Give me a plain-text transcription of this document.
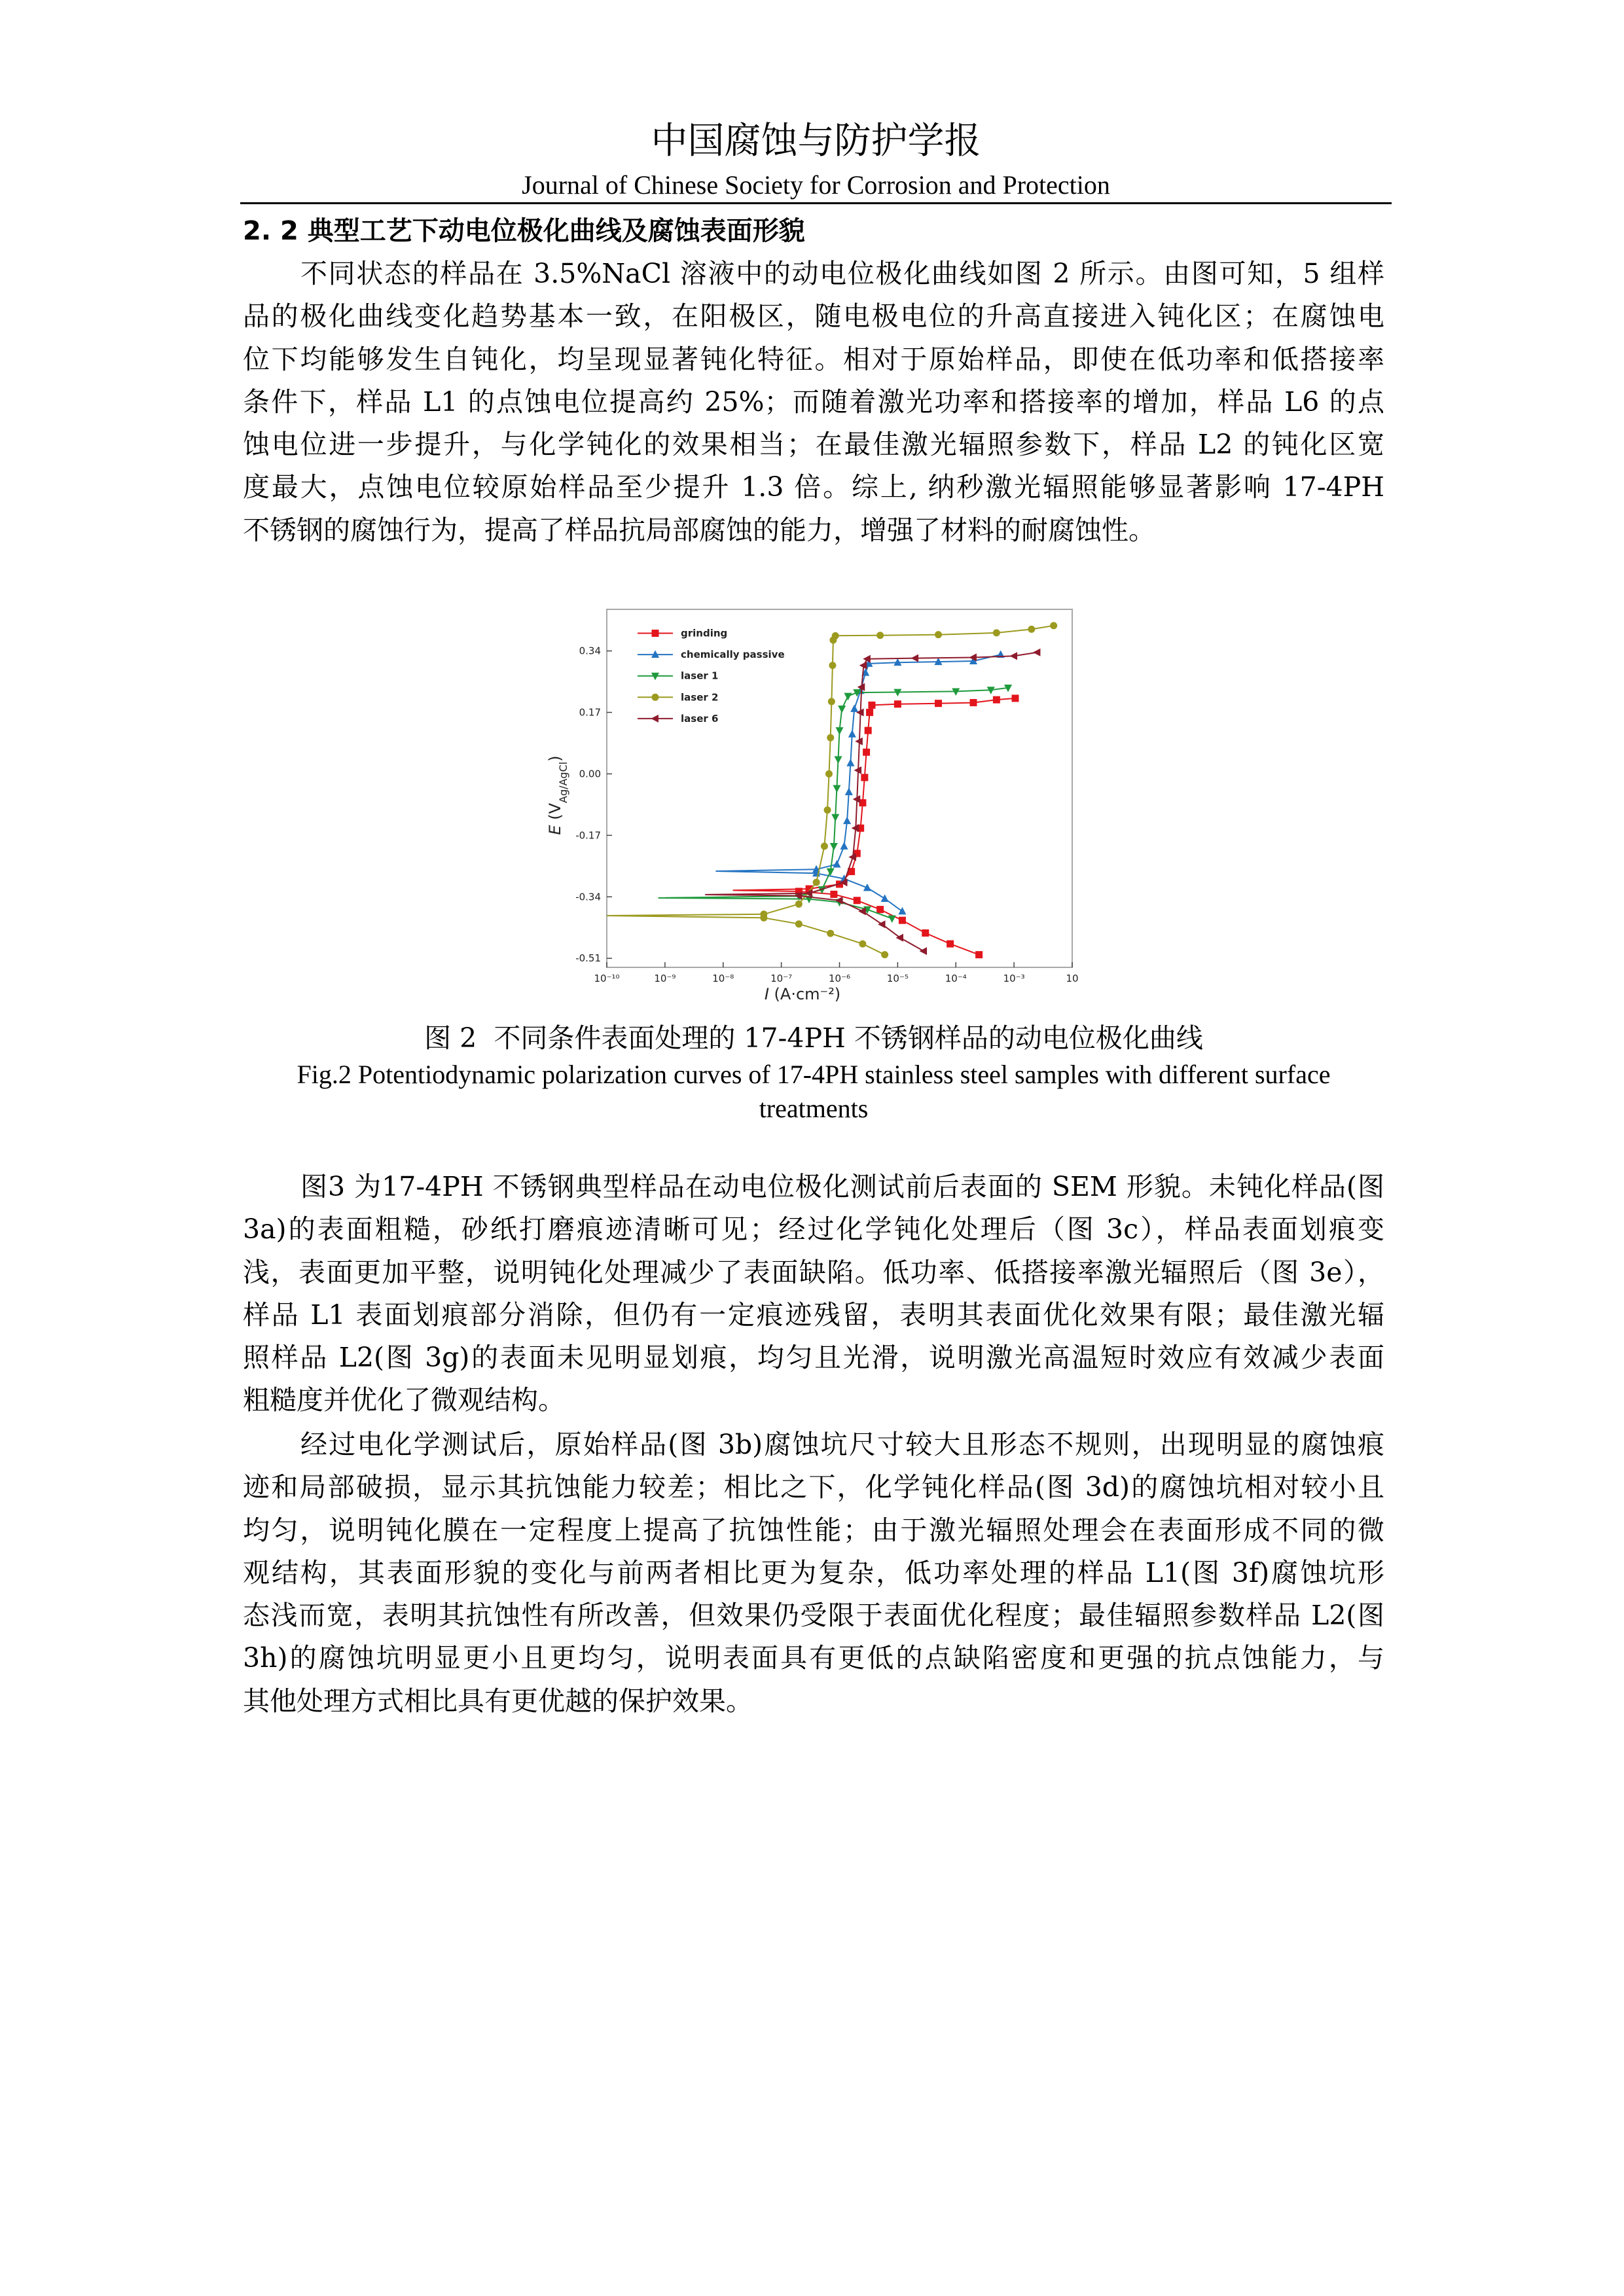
中国腐蚀与防护学报
Journal of Chinese Society for Corrosion and Protection
2. 2 典型工艺下动电位极化曲线及腐蚀表面形貌
不同状态的样品在 3.5%NaCl 溶液中的动电位极化曲线如图 2 所示。由图可知，5 组样
品的极化曲线变化趋势基本一致，在阳极区，随电极电位的升高直接进入钝化区；在腐蚀电
位下均能够发生自钝化，均呈现显著钝化特征。相对于原始样品，即使在低功率和低搭接率
条件下，样品 L1 的点蚀电位提高约 25%；而随着激光功率和搭接率的增加，样品 L6 的点
蚀电位进一步提升，与化学钝化的效果相当；在最佳激光辐照参数下，样品 L2 的钝化区宽
度最大，点蚀电位较原始样品至少提升 1.3 倍。综上, 纳秒激光辐照能够显著影响 17-4PH
不锈钢的腐蚀行为，提高了样品抗局部腐蚀的能力，增强了材料的耐腐蚀性。
0.34
0.17
0.00
-0.17
-0.34
-0.51
10⁻¹⁰	10⁻⁹	10⁻⁸	10⁻⁷	10⁻⁶	10⁻⁵	10⁻⁴	10⁻³	10
grinding
chemically passive
laser 1
laser 2
laser 6
E $(V_{Ag/AgCl})$
I (A·cm⁻²)
图 2  不同条件表面处理的 17-4PH 不锈钢样品的动电位极化曲线
Fig.2 Potentiodynamic polarization curves of 17-4PH stainless steel samples with different surface
treatments
图3 为17-4PH 不锈钢典型样品在动电位极化测试前后表面的 SEM 形貌。未钝化样品(图
3a)的表面粗糙，砂纸打磨痕迹清晰可见；经过化学钝化处理后（图 3c），样品表面划痕变
浅，表面更加平整，说明钝化处理减少了表面缺陷。低功率、低搭接率激光辐照后（图 3e），
样品 L1 表面划痕部分消除，但仍有一定痕迹残留，表明其表面优化效果有限；最佳激光辐
照样品 L2(图 3g)的表面未见明显划痕，均匀且光滑，说明激光高温短时效应有效减少表面
粗糙度并优化了微观结构。
经过电化学测试后，原始样品(图 3b)腐蚀坑尺寸较大且形态不规则，出现明显的腐蚀痕
迹和局部破损，显示其抗蚀能力较差；相比之下，化学钝化样品(图 3d)的腐蚀坑相对较小且
均匀，说明钝化膜在一定程度上提高了抗蚀性能；由于激光辐照处理会在表面形成不同的微
观结构，其表面形貌的变化与前两者相比更为复杂，低功率处理的样品 L1(图 3f)腐蚀坑形
态浅而宽，表明其抗蚀性有所改善，但效果仍受限于表面优化程度；最佳辐照参数样品 L2(图
3h)的腐蚀坑明显更小且更均匀，说明表面具有更低的点缺陷密度和更强的抗点蚀能力，与
其他处理方式相比具有更优越的保护效果。
